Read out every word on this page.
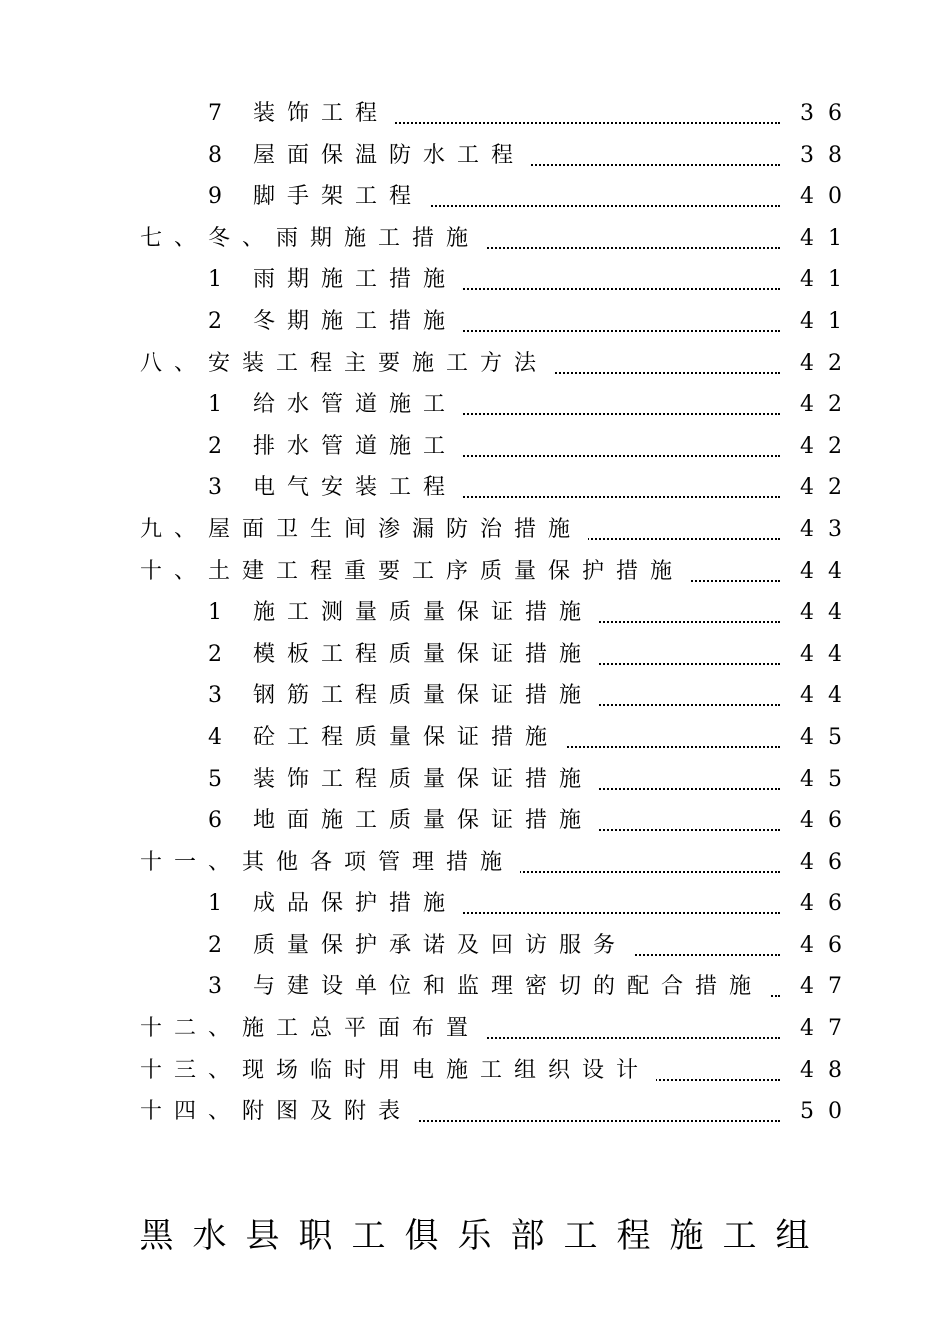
7 装饰工程	36
8 屋面保温防水工程	38
9 脚手架工程	40
七、冬、雨期施工措施	41
1 雨期施工措施	41
2 冬期施工措施	41
八、安装工程主要施工方法	42
1 给水管道施工	42
2 排水管道施工	42
3 电气安装工程	42
九、屋面卫生间渗漏防治措施	43
十、土建工程重要工序质量保护措施	44
1 施工测量质量保证措施	44
2 模板工程质量保证措施	44
3 钢筋工程质量保证措施	44
4 砼工程质量保证措施	45
5 装饰工程质量保证措施	45
6 地面施工质量保证措施	46
十一、其他各项管理措施	46
1 成品保护措施	46
2 质量保护承诺及回访服务	46
3 与建设单位和监理密切的配合措施 47
十二、施工总平面布置	47
十三、现场临时用电施工组织设计	48
十四、附图及附表	50
黑水县职工俱乐部工程施工组
